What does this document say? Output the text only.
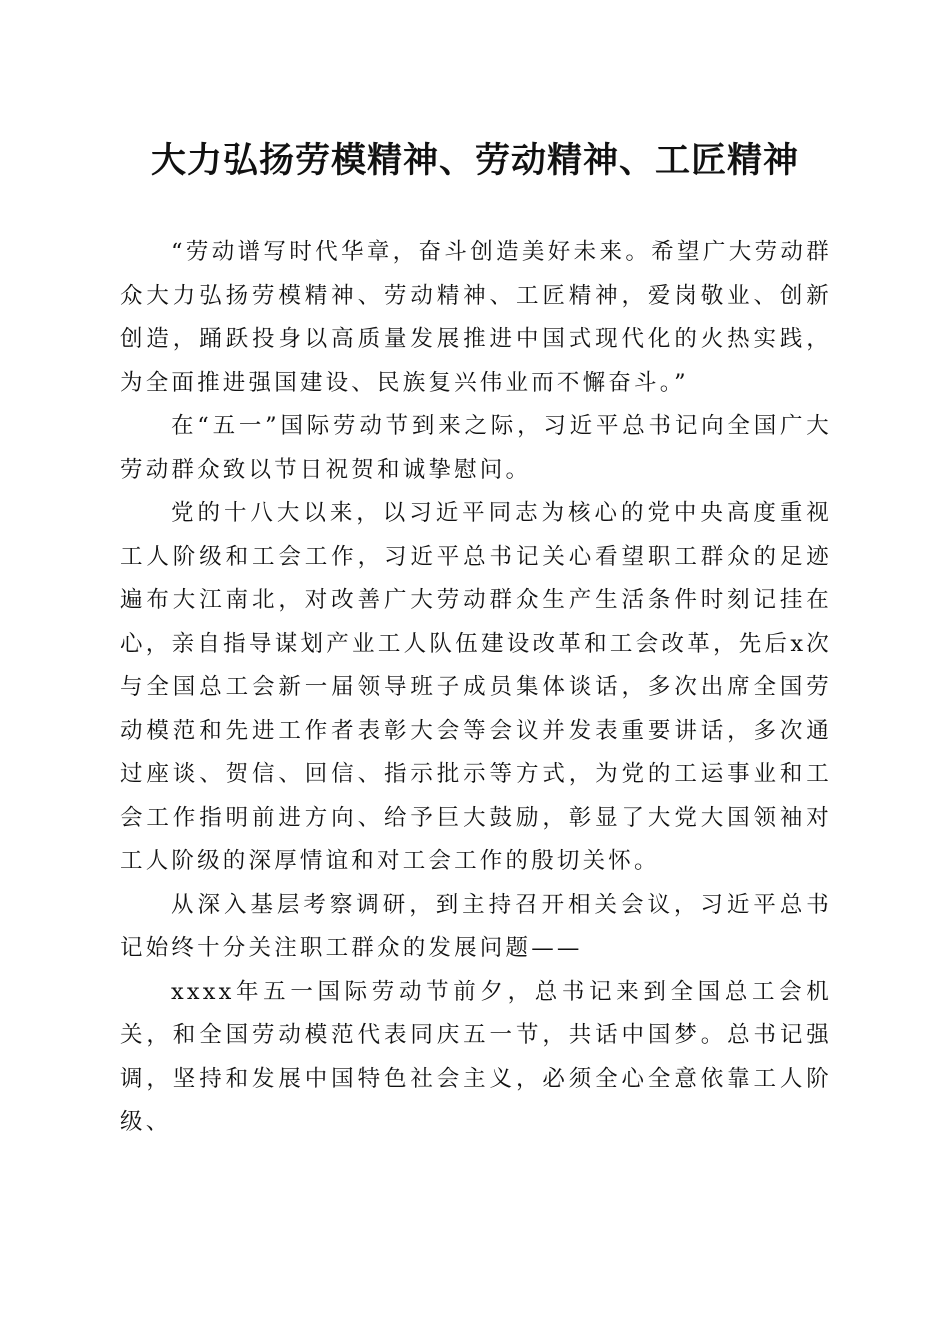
大力弘扬劳模精神、劳动精神、工匠精神

“劳动谱写时代华章，奋斗创造美好未来。希望广大劳动群众大力弘扬劳模精神、劳动精神、工匠精神，爱岗敬业、创新创造，踊跃投身以高质量发展推进中国式现代化的火热实践，为全面推进强国建设、民族复兴伟业而不懈奋斗。”

在“五一”国际劳动节到来之际，习近平总书记向全国广大劳动群众致以节日祝贺和诚挚慰问。

党的十八大以来，以习近平同志为核心的党中央高度重视工人阶级和工会工作，习近平总书记关心看望职工群众的足迹遍布大江南北，对改善广大劳动群众生产生活条件时刻记挂在心，亲自指导谋划产业工人队伍建设改革和工会改革，先后x次与全国总工会新一届领导班子成员集体谈话，多次出席全国劳动模范和先进工作者表彰大会等会议并发表重要讲话，多次通过座谈、贺信、回信、指示批示等方式，为党的工运事业和工会工作指明前进方向、给予巨大鼓励，彰显了大党大国领袖对工人阶级的深厚情谊和对工会工作的殷切关怀。

从深入基层考察调研，到主持召开相关会议，习近平总书记始终十分关注职工群众的发展问题——

xxxx年五一国际劳动节前夕，总书记来到全国总工会机关，和全国劳动模范代表同庆五一节，共话中国梦。总书记强调，坚持和发展中国特色社会主义，必须全心全意依靠工人阶级、
